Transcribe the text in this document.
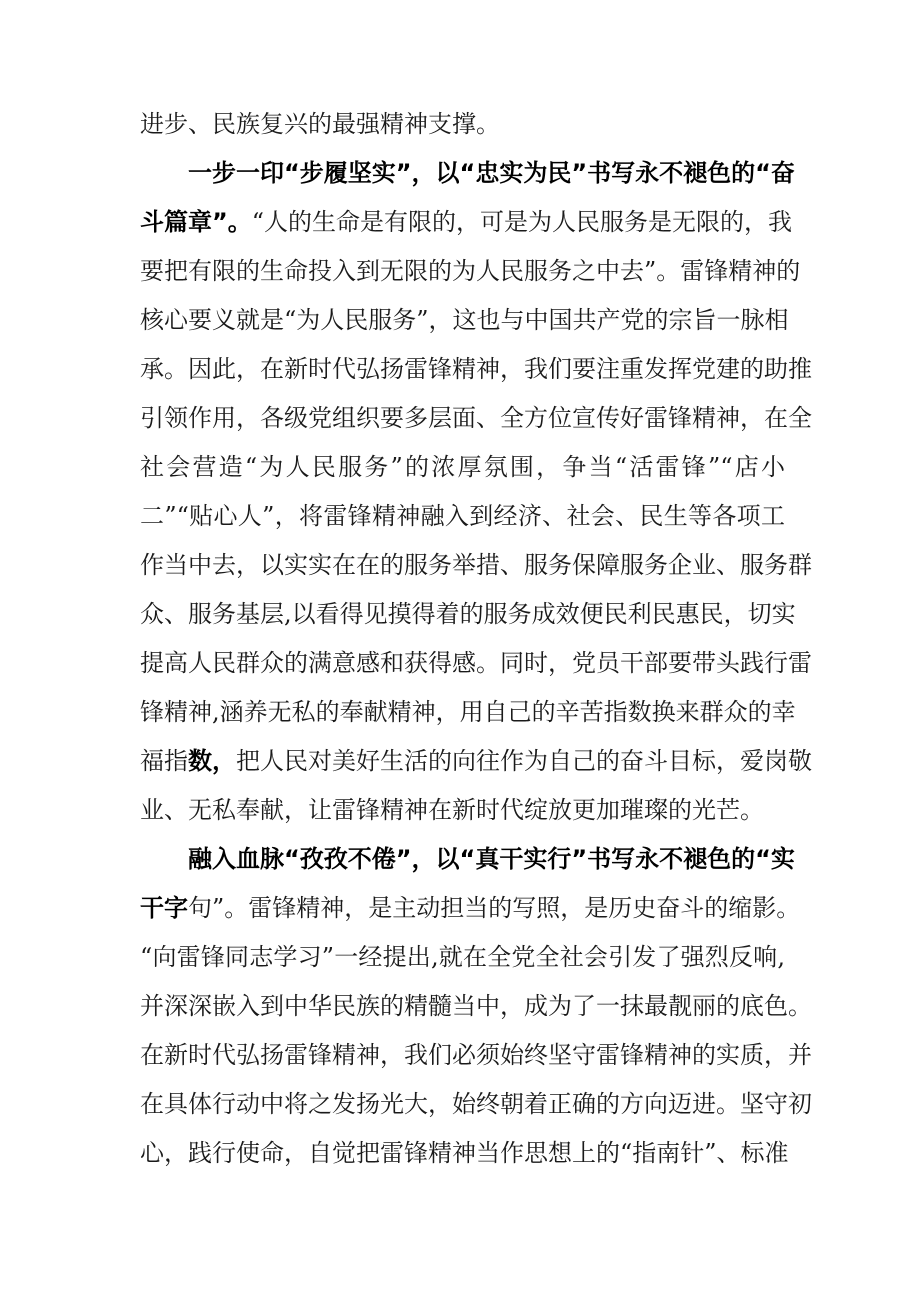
进步、民族复兴的最强精神支撑。
一步一印“步履坚实”，以“忠实为民”书写永不褪色的“奋
斗篇章”。“人的生命是有限的，可是为人民服务是无限的，我
要把有限的生命投入到无限的为人民服务之中去”。雷锋精神的
核心要义就是“为人民服务”，这也与中国共产党的宗旨一脉相
承。因此，在新时代弘扬雷锋精神，我们要注重发挥党建的助推
引领作用，各级党组织要多层面、全方位宣传好雷锋精神，在全
社会营造“为人民服务”的浓厚氛围，争当“活雷锋”“店小
二”“贴心人”，将雷锋精神融入到经济、社会、民生等各项工
作当中去，以实实在在的服务举措、服务保障服务企业、服务群
众、服务基层,以看得见摸得着的服务成效便民利民惠民，切实
提高人民群众的满意感和获得感。同时，党员干部要带头践行雷
锋精神,涵养无私的奉献精神，用自己的辛苦指数换来群众的幸
福指数，把人民对美好生活的向往作为自己的奋斗目标，爱岗敬
业、无私奉献，让雷锋精神在新时代绽放更加璀璨的光芒。
融入血脉“孜孜不倦”，以“真干实行”书写永不褪色的“实
干字句”。雷锋精神，是主动担当的写照，是历史奋斗的缩影。
“向雷锋同志学习”一经提出,就在全党全社会引发了强烈反响,
并深深嵌入到中华民族的精髓当中，成为了一抹最靓丽的底色。
在新时代弘扬雷锋精神，我们必须始终坚守雷锋精神的实质，并
在具体行动中将之发扬光大，始终朝着正确的方向迈进。坚守初
心，践行使命，自觉把雷锋精神当作思想上的“指南针”、标准
